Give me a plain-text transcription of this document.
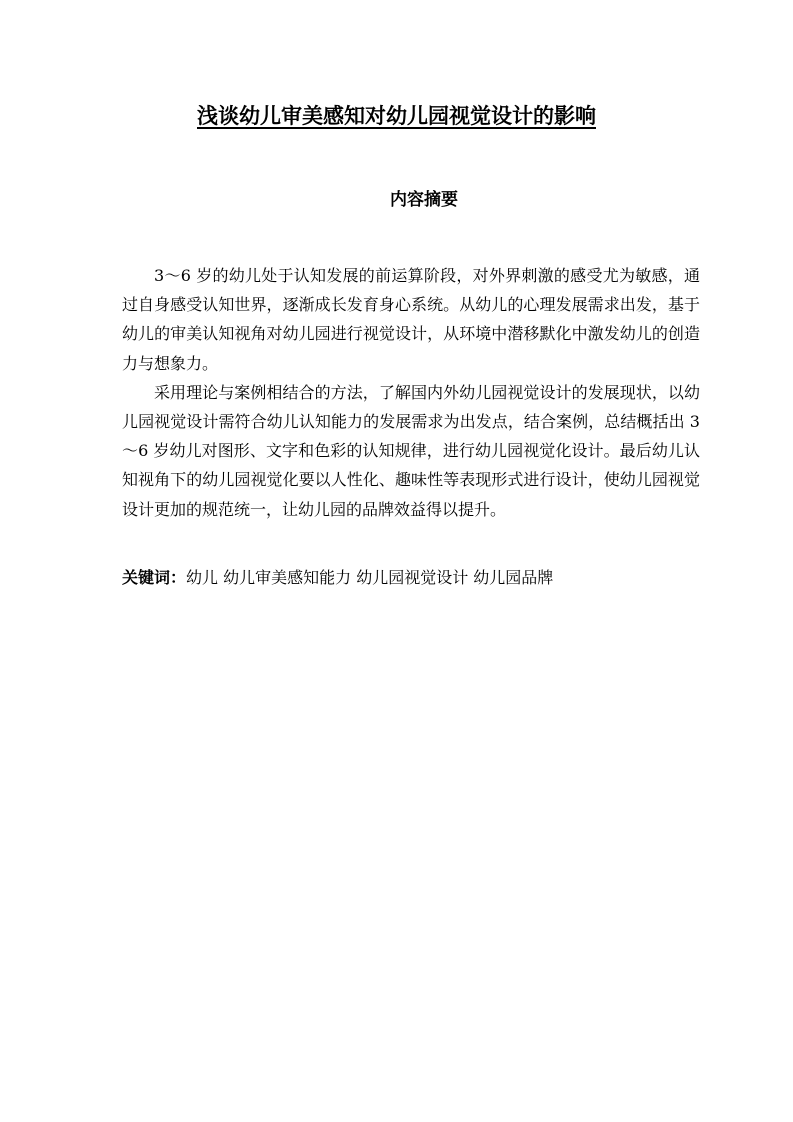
浅谈幼儿审美感知对幼儿园视觉设计的影响
内容摘要

3～6 岁的幼儿处于认知发展的前运算阶段，对外界刺激的感受尤为敏感，通过自身感受认知世界，逐渐成长发育身心系统。从幼儿的心理发展需求出发，基于幼儿的审美认知视角对幼儿园进行视觉设计，从环境中潜移默化中激发幼儿的创造力与想象力。

采用理论与案例相结合的方法，了解国内外幼儿园视觉设计的发展现状，以幼儿园视觉设计需符合幼儿认知能力的发展需求为出发点，结合案例，总结概括出 3～6 岁幼儿对图形、文字和色彩的认知规律，进行幼儿园视觉化设计。最后幼儿认知视角下的幼儿园视觉化要以人性化、趣味性等表现形式进行设计，使幼儿园视觉设计更加的规范统一，让幼儿园的品牌效益得以提升。

关键词：幼儿 幼儿审美感知能力 幼儿园视觉设计 幼儿园品牌
